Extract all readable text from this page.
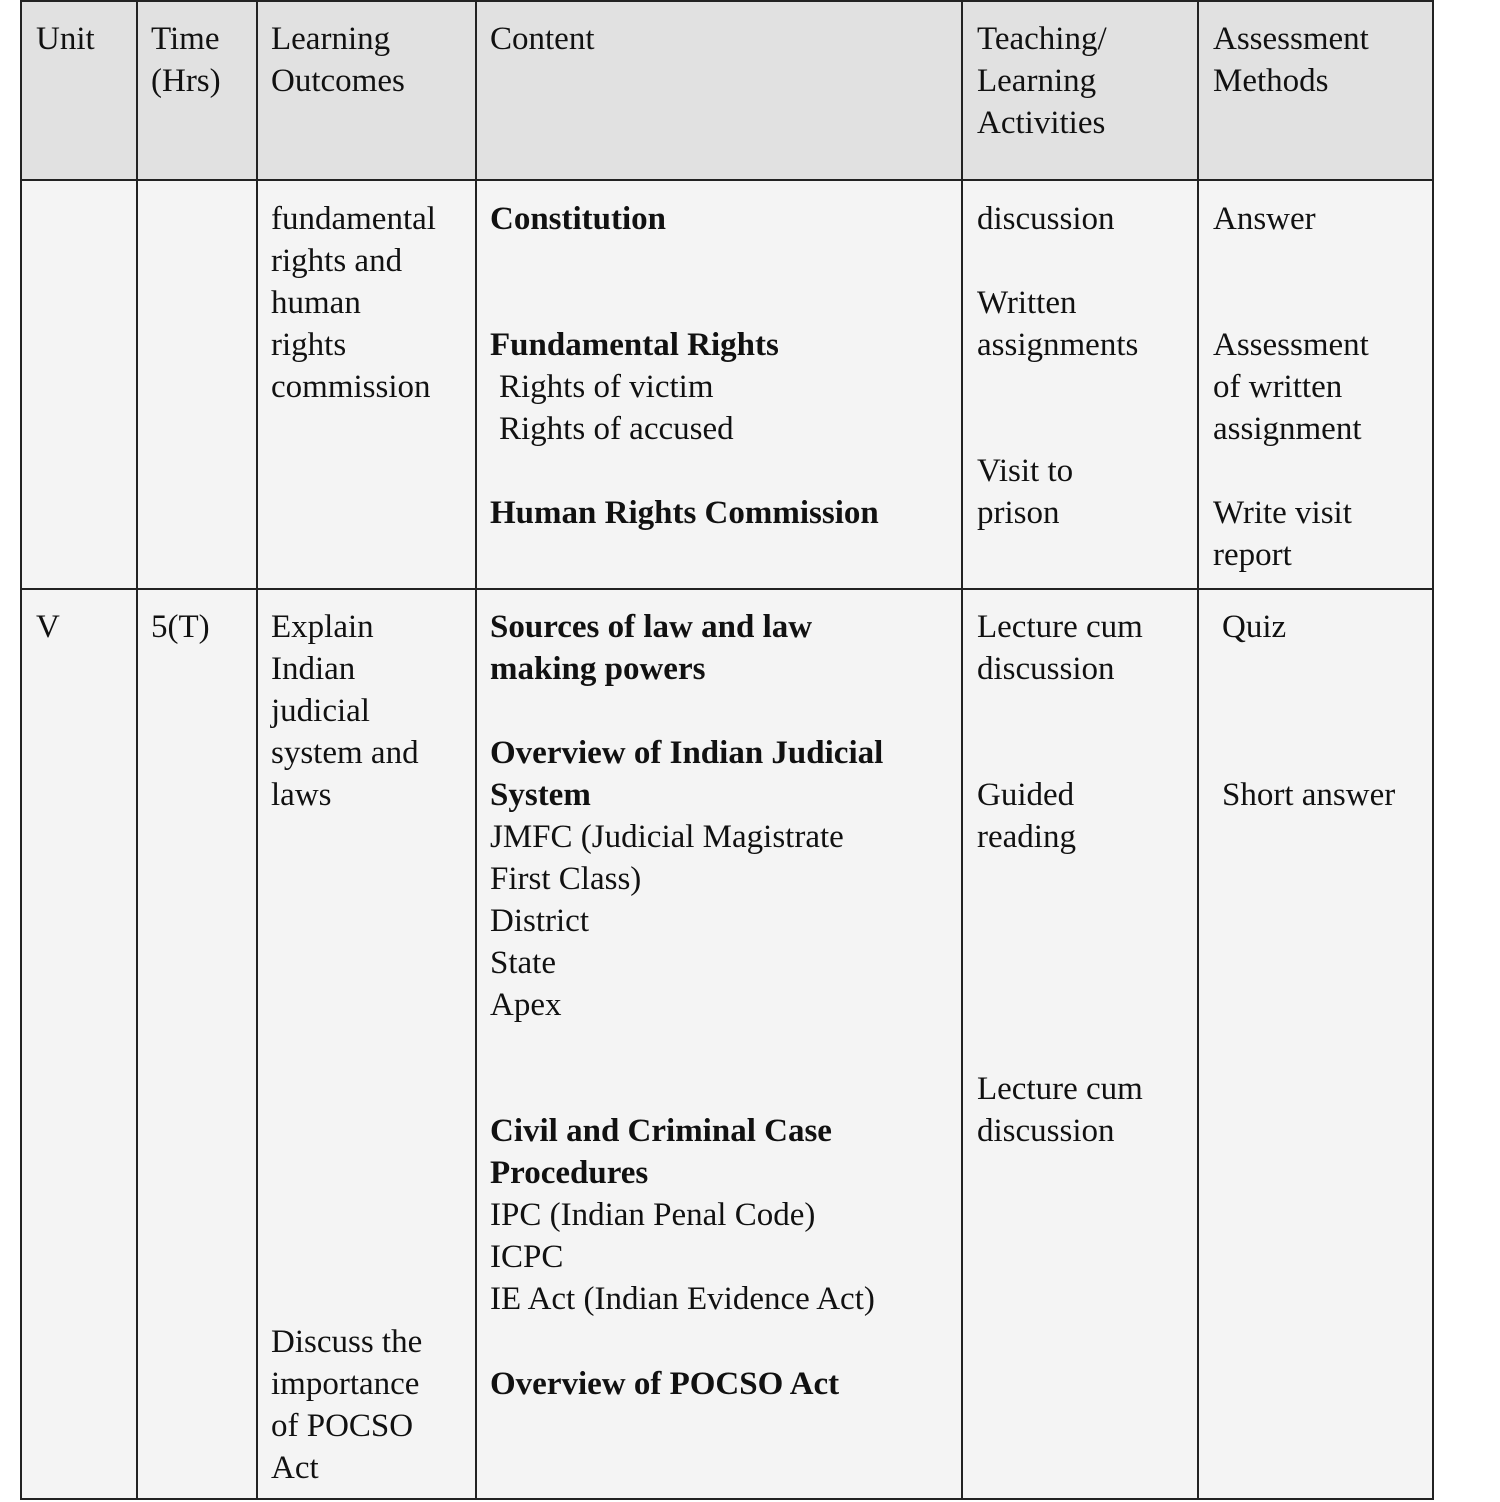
Unit Time
(Hrs)
Learning
Outcomes
Content	Teaching/
Learning
Activities
Assessment
Methods
fundamental
rights and
human
rights
commission
Constitution
Fundamental Rights
Rights of victim
Rights of accused
Human Rights Commission
discussion
Written
assignments
Visit to
prison
Answer
Assessment
of written
assignment
Write visit
report
V	5(T) Explain
Indian
judicial
system and
laws
Discuss the
importance
of POCSO
Act
Sources of law and law
making powers
Overview of Indian Judicial
System
JMFC (Judicial Magistrate
First Class)
District
State
Apex
Civil and Criminal Case
Procedures
IPC (Indian Penal Code)
ICPC
IE Act (Indian Evidence Act)
Overview of POCSO Act
Lecture cum
discussion
Guided
reading
Lecture cum
discussion
Quiz
Short answer
